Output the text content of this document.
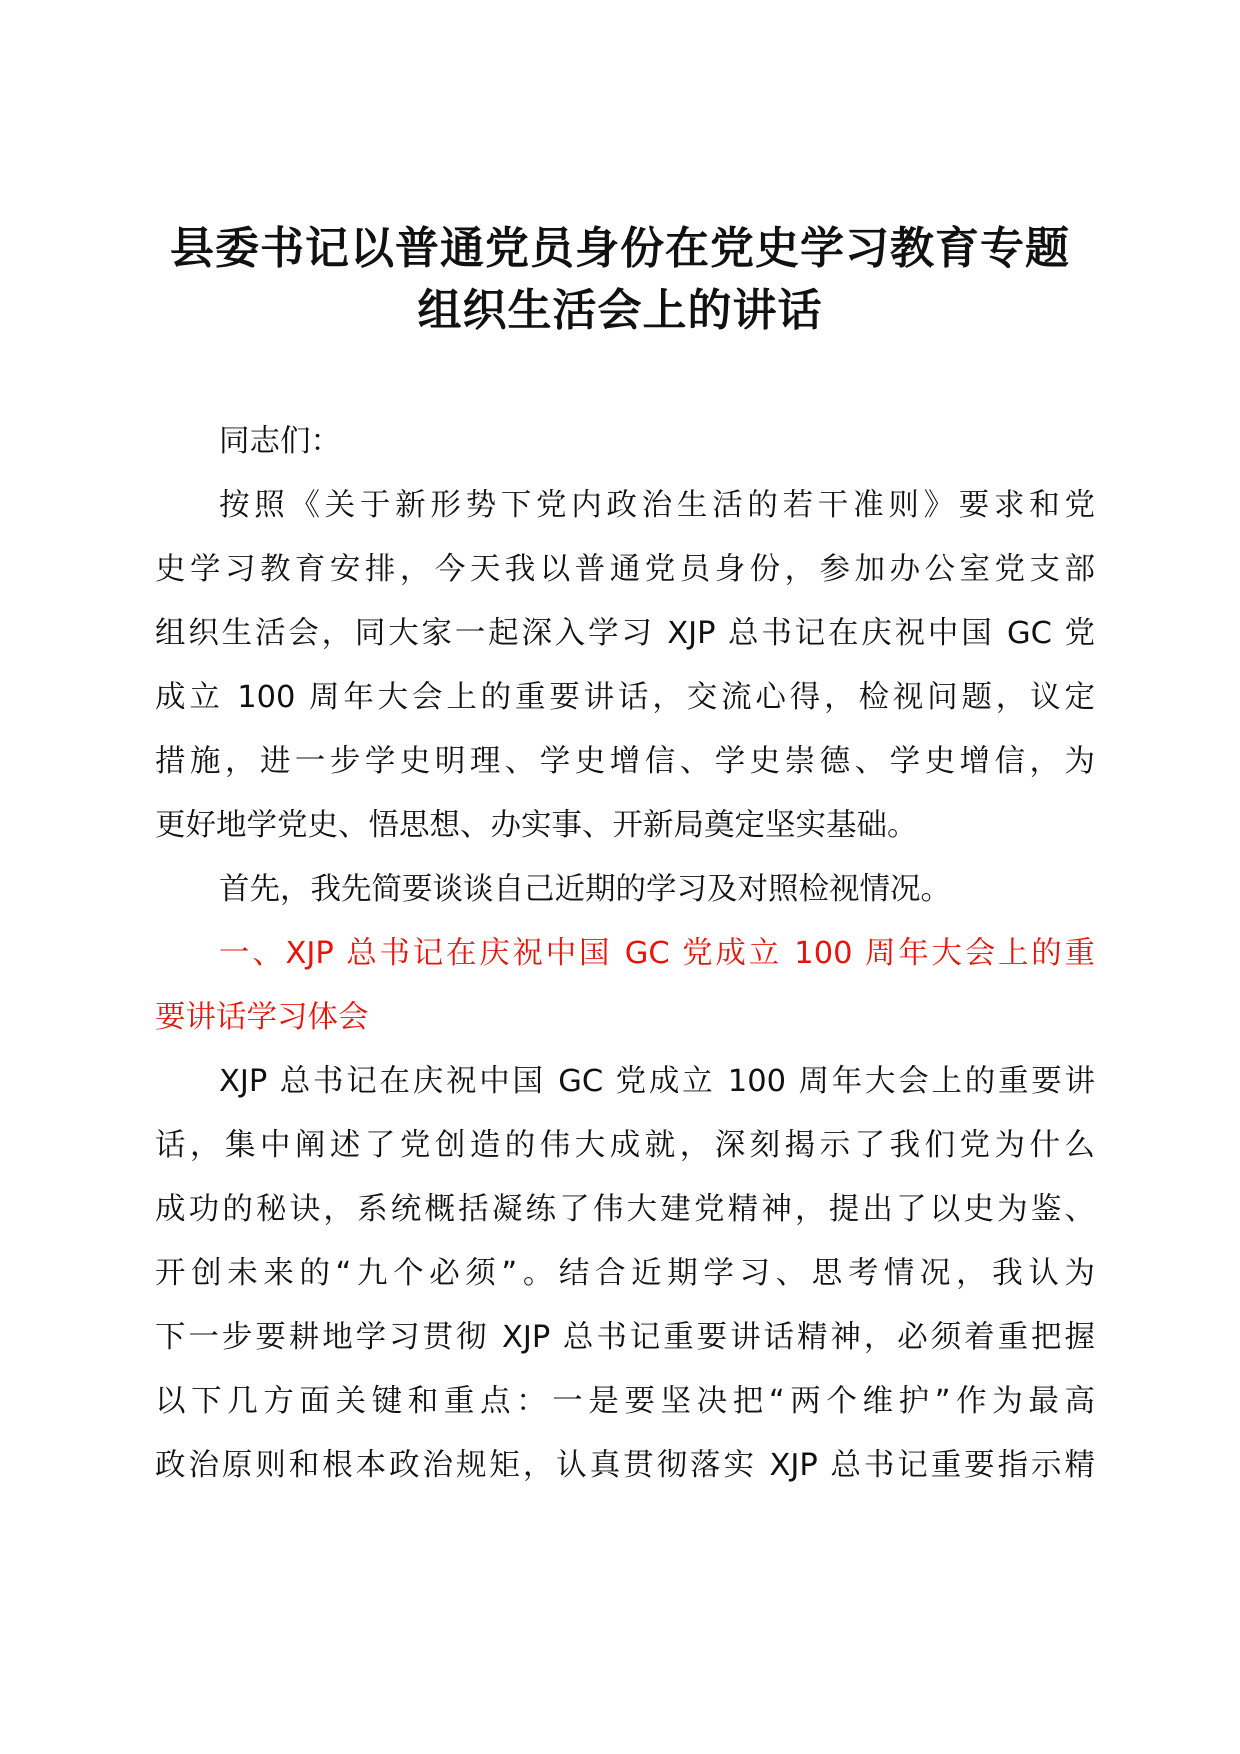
县委书记以普通党员身份在党史学习教育专题
组织生活会上的讲话
同志们：
按照《关于新形势下党内政治生活的若干准则》要求和党
史学习教育安排，今天我以普通党员身份，参加办公室党支部
组织生活会，同大家一起深入学习 XJP 总书记在庆祝中国 GC 党
成立 100 周年大会上的重要讲话，交流心得，检视问题，议定
措施，进一步学史明理、学史增信、学史崇德、学史增信，为
更好地学党史、悟思想、办实事、开新局奠定坚实基础。
首先，我先简要谈谈自己近期的学习及对照检视情况。
一、XJP 总书记在庆祝中国 GC 党成立 100 周年大会上的重
要讲话学习体会
XJP 总书记在庆祝中国 GC 党成立 100 周年大会上的重要讲
话，集中阐述了党创造的伟大成就，深刻揭示了我们党为什么
成功的秘诀，系统概括凝练了伟大建党精神，提出了以史为鉴、
开创未来的“九个必须”。结合近期学习、思考情况，我认为
下一步要耕地学习贯彻 XJP 总书记重要讲话精神，必须着重把握
以下几方面关键和重点：一是要坚决把“两个维护”作为最高
政治原则和根本政治规矩，认真贯彻落实 XJP 总书记重要指示精
